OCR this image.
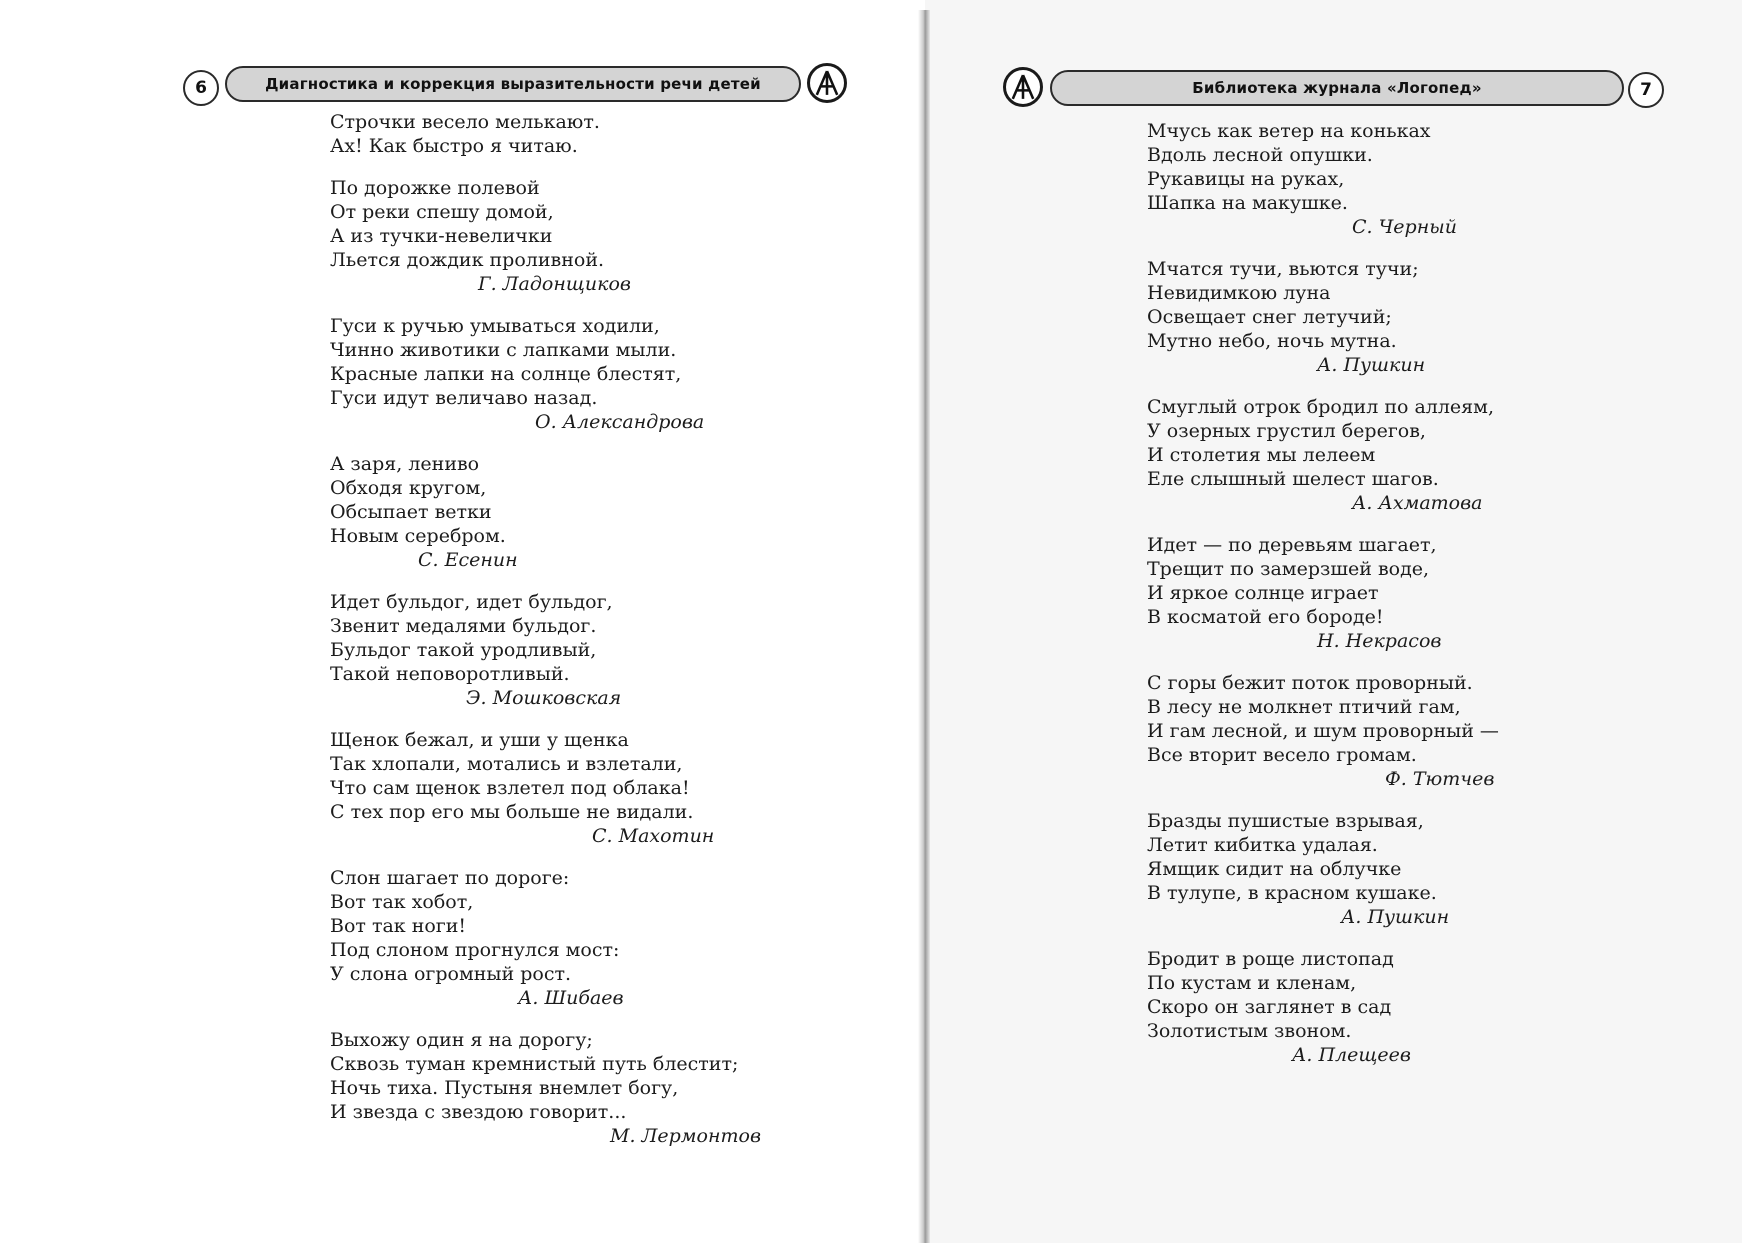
6	Диагностика и коррекция выразительности речи детей	Библиотека журнала «Логопед»	7
Строчки весело мелькают.
Ах! Как быстро я читаю.
По дорожке полевой
От реки спешу домой,
А из тучки-невелички
Льется дождик проливной.
Г. Ладонщиков
Гуси к ручью умываться ходили,
Чинно животики с лапками мыли.
Красные лапки на солнце блестят,
Гуси идут величаво назад.
О. Александрова
А заря, лениво
Обходя кругом,
Обсыпает ветки
Новым серебром.
С. Есенин
Идет бульдог, идет бульдог,
Звенит медалями бульдог.
Бульдог такой уродливый,
Такой неповоротливый.
Э. Мошковская
Щенок бежал, и уши у щенка
Так хлопали, мотались и взлетали,
Что сам щенок взлетел под облака!
С тех пор его мы больше не видали.
С. Махотин
Слон шагает по дороге:
Вот так хобот,
Вот так ноги!
Под слоном прогнулся мост:
У слона огромный рост.
А. Шибаев
Выхожу один я на дорогу;
Сквозь туман кремнистый путь блестит;
Ночь тиха. Пустыня внемлет богу,
И звезда с звездою говорит...
М. Лермонтов
Мчусь как ветер на коньках
Вдоль лесной опушки.
Рукавицы на руках,
Шапка на макушке.
С. Черный
Мчатся тучи, вьются тучи;
Невидимкою луна
Освещает снег летучий;
Мутно небо, ночь мутна.
А. Пушкин
Смуглый отрок бродил по аллеям,
У озерных грустил берегов,
И столетия мы лелеем
Еле слышный шелест шагов.
А. Ахматова
Идет — по деревьям шагает,
Трещит по замерзшей воде,
И яркое солнце играет
В косматой его бороде!
Н. Некрасов
С горы бежит поток проворный.
В лесу не молкнет птичий гам,
И гам лесной, и шум проворный —
Все вторит весело громам.
Ф. Тютчев
Бразды пушистые взрывая,
Летит кибитка удалая.
Ямщик сидит на облучке
В тулупе, в красном кушаке.
А. Пушкин
Бродит в роще листопад
По кустам и кленам,
Скоро он заглянет в сад
Золотистым звоном.
А. Плещеев
